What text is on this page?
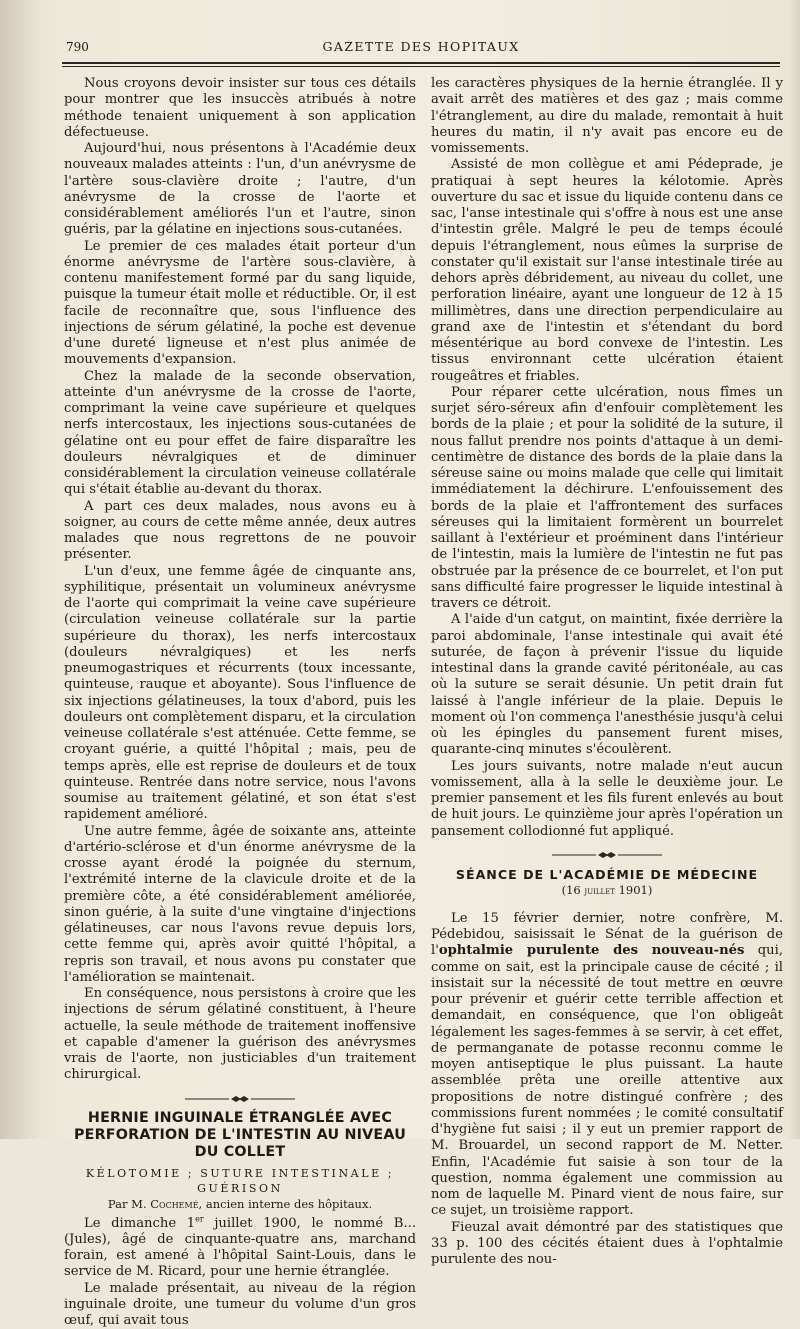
790	GAZETTE DES HOPITAUX

Nous croyons devoir insister sur tous ces détails pour montrer que les insuccès atribués à notre méthode tenaient uniquement à son application défectueuse.

Aujourd'hui, nous présentons à l'Académie deux nouveaux malades atteints : l'un, d'un anévrysme de l'artère sous-clavière droite ; l'autre, d'un anévrysme de la crosse de l'aorte et considérablement améliorés l'un et l'autre, sinon guéris, par la gélatine en injections sous-cutanées.

Le premier de ces malades était porteur d'un énorme anévrysme de l'artère sous-clavière, à contenu manifestement formé par du sang liquide, puisque la tumeur était molle et réductible. Or, il est facile de reconnaître que, sous l'influence des injections de sérum gélatiné, la poche est devenue d'une dureté ligneuse et n'est plus animée de mouvements d'expansion.

Chez la malade de la seconde observation, atteinte d'un anévrysme de la crosse de l'aorte, comprimant la veine cave supérieure et quelques nerfs intercostaux, les injections sous-cutanées de gélatine ont eu pour effet de faire disparaître les douleurs névralgiques et de diminuer considérablement la circulation veineuse collatérale qui s'était établie au-devant du thorax.

A part ces deux malades, nous avons eu à soigner, au cours de cette même année, deux autres malades que nous regrettons de ne pouvoir présenter.

L'un d'eux, une femme âgée de cinquante ans, syphilitique, présentait un volumineux anévrysme de l'aorte qui comprimait la veine cave supérieure (circulation veineuse collatérale sur la partie supérieure du thorax), les nerfs intercostaux (douleurs névralgiques) et les nerfs pneumogastriques et récurrents (toux incessante, quinteuse, rauque et aboyante). Sous l'influence de six injections gélatineuses, la toux d'abord, puis les douleurs ont complètement disparu, et la circulation veineuse collatérale s'est atténuée. Cette femme, se croyant guérie, a quitté l'hôpital ; mais, peu de temps après, elle est reprise de douleurs et de toux quinteuse. Rentrée dans notre service, nous l'avons soumise au traitement gélatiné, et son état s'est rapidement amélioré.

Une autre femme, âgée de soixante ans, atteinte d'artério-sclérose et d'un énorme anévrysme de la crosse ayant érodé la poignée du sternum, l'extrémité interne de la clavicule droite et de la première côte, a été considérablement améliorée, sinon guérie, à la suite d'une vingtaine d'injections gélatineuses, car nous l'avons revue depuis lors, cette femme qui, après avoir quitté l'hôpital, a repris son travail, et nous avons pu constater que l'amélioration se maintenait.

En conséquence, nous persistons à croire que les injections de sérum gélatiné constituent, à l'heure actuelle, la seule méthode de traitement inoffensive et capable d'amener la guérison des anévrysmes vrais de l'aorte, non justiciables d'un traitement chirurgical.

HERNIE INGUINALE ÉTRANGLÉE AVEC PERFORATION DE L'INTESTIN AU NIVEAU DU COLLET
KÉLOTOMIE ; SUTURE INTESTINALE ; GUÉRISON
Par M. Cochemé, ancien interne des hôpitaux.

Le dimanche 1er juillet 1900, le nommé B... (Jules), âgé de cinquante-quatre ans, marchand forain, est amené à l'hôpital Saint-Louis, dans le service de M. Ricard, pour une hernie étranglée.

Le malade présentait, au niveau de la région inguinale droite, une tumeur du volume d'un gros œuf, qui avait tous

les caractères physiques de la hernie étranglée. Il y avait arrêt des matières et des gaz ; mais comme l'étranglement, au dire du malade, remontait à huit heures du matin, il n'y avait pas encore eu de vomissements.

Assisté de mon collègue et ami Pédeprade, je pratiquai à sept heures la kélotomie. Après ouverture du sac et issue du liquide contenu dans ce sac, l'anse intestinale qui s'offre à nous est une anse d'intestin grêle. Malgré le peu de temps écoulé depuis l'étranglement, nous eûmes la surprise de constater qu'il existait sur l'anse intestinale tirée au dehors après débridement, au niveau du collet, une perforation linéaire, ayant une longueur de 12 à 15 millimètres, dans une direction perpendiculaire au grand axe de l'intestin et s'étendant du bord mésentérique au bord convexe de l'intestin. Les tissus environnant cette ulcération étaient rougeâtres et friables.

Pour réparer cette ulcération, nous fîmes un surjet séro-séreux afin d'enfouir complètement les bords de la plaie ; et pour la solidité de la suture, il nous fallut prendre nos points d'attaque à un demi-centimètre de distance des bords de la plaie dans la séreuse saine ou moins malade que celle qui limitait immédiatement la déchirure. L'enfouissement des bords de la plaie et l'affrontement des surfaces séreuses qui la limitaient formèrent un bourrelet saillant à l'extérieur et proéminent dans l'intérieur de l'intestin, mais la lumière de l'intestin ne fut pas obstruée par la présence de ce bourrelet, et l'on put sans difficulté faire progresser le liquide intestinal à travers ce détroit.

A l'aide d'un catgut, on maintint, fixée derrière la paroi abdominale, l'anse intestinale qui avait été suturée, de façon à prévenir l'issue du liquide intestinal dans la grande cavité péritonéale, au cas où la suture se serait désunie. Un petit drain fut laissé à l'angle inférieur de la plaie. Depuis le moment où l'on commença l'anesthésie jusqu'à celui où les épingles du pansement furent mises, quarante-cinq minutes s'écoulèrent.

Les jours suivants, notre malade n'eut aucun vomissement, alla à la selle le deuxième jour. Le premier pansement et les fils furent enlevés au bout de huit jours. Le quinzième jour après l'opération un pansement collodionné fut appliqué.

SÉANCE DE L'ACADÉMIE DE MÉDECINE
(16 juillet 1901)

Le 15 février dernier, notre confrère, M. Pédebidou, saisissait le Sénat de la guérison de l'ophtalmie purulente des nouveau-nés qui, comme on sait, est la principale cause de cécité ; il insistait sur la nécessité de tout mettre en œuvre pour prévenir et guérir cette terrible affection et demandait, en conséquence, que l'on obligeât légalement les sages-femmes à se servir, à cet effet, de permanganate de potasse reconnu comme le moyen antiseptique le plus puissant. La haute assemblée prêta une oreille attentive aux propositions de notre distingué confrère ; des commissions furent nommées ; le comité consultatif d'hygiène fut saisi ; il y eut un premier rapport de M. Brouardel, un second rapport de M. Netter. Enfin, l'Académie fut saisie à son tour de la question, nomma également une commission au nom de laquelle M. Pinard vient de nous faire, sur ce sujet, un troisième rapport.

Fieuzal avait démontré par des statistiques que 33 p. 100 des cécités étaient dues à l'ophtalmie purulente des nou-
